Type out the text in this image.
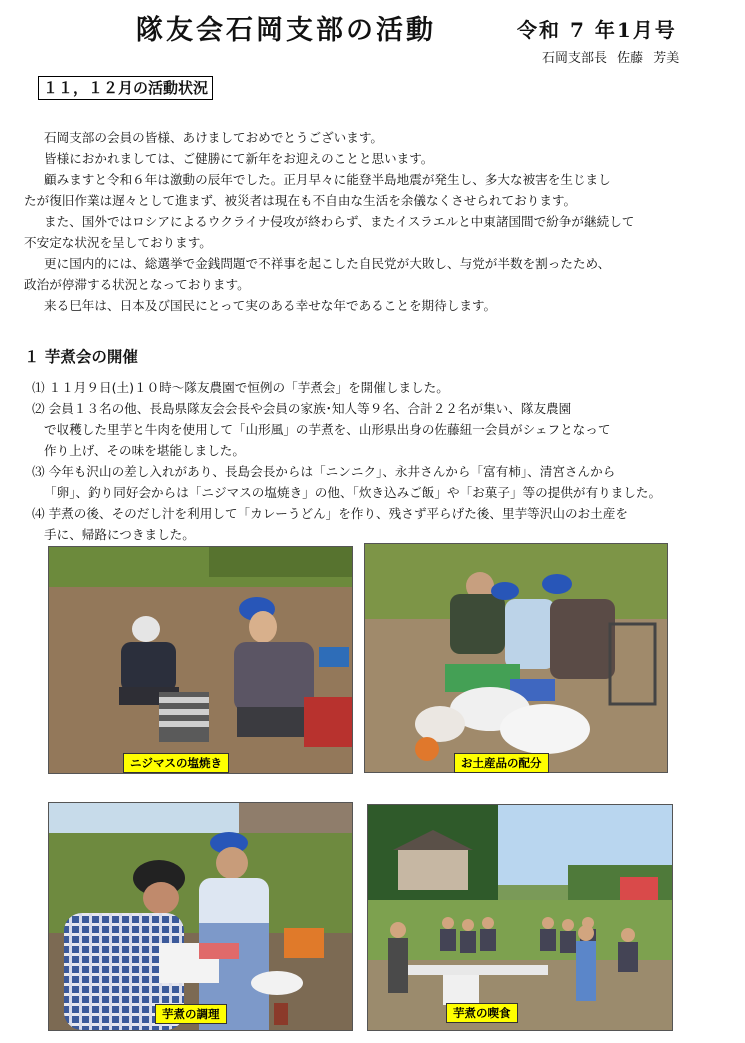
隊友会石岡支部の活動	令和 7 年1月号
石岡支部長 佐藤 芳美
１１，１２月の活動状況
石岡支部の会員の皆様、あけましておめでとうございます。
皆様におかれましては、ご健勝にて新年をお迎えのことと思います。
顧みますと令和６年は激動の辰年でした。正月早々に能登半島地震が発生し、多大な被害を生じまし
たが復旧作業は遅々として進まず、被災者は現在も不自由な生活を余儀なくさせられております。
また、国外ではロシアによるウクライナ侵攻が終わらず、またイスラエルと中東諸国間で紛争が継続して
不安定な状況を呈しております。
更に国内的には、総選挙で金銭問題で不祥事を起こした自民党が大敗し、与党が半数を割ったため、
政治が停滞する状況となっております。
来る巳年は、日本及び国民にとって実のある幸せな年であることを期待します。
１ 芋煮会の開催
⑴ １１月９日(土)１０時～隊友農園で恒例の「芋煮会」を開催しました。
⑵ 会員１３名の他、長島県隊友会会長や会員の家族･知人等９名、合計２２名が集い、隊友農園
で収穫した里芋と牛肉を使用して「山形風」の芋煮を、山形県出身の佐藤紐一会員がシェフとなって
作り上げ、その味を堪能しました。
⑶ 今年も沢山の差し入れがあり、長島会長からは「ニンニク」、永井さんから「富有柿」、清宮さんから
「卵」、釣り同好会からは「ニジマスの塩焼き」の他、「炊き込みご飯」や「お菓子」等の提供が有りました。
⑷ 芋煮の後、そのだし汁を利用して「カレーうどん」を作り、残さず平らげた後、里芋等沢山のお土産を
手に、帰路につきました。
ニジマスの塩焼き	お土産品の配分
芋煮の調理	芋煮の喫食
